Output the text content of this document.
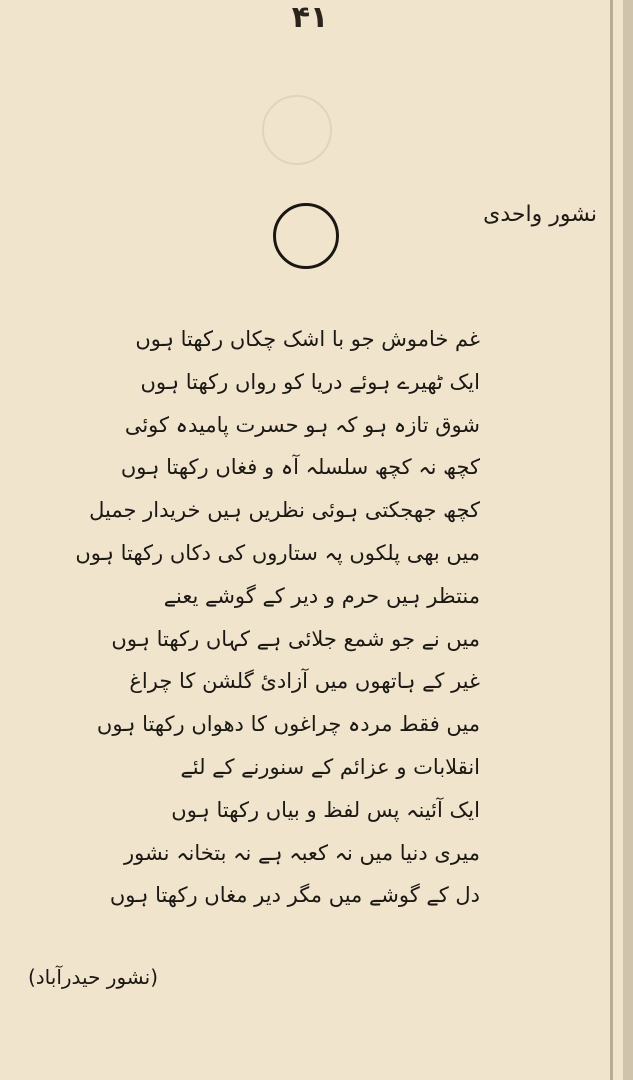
۴۱
نشور واحدی
غم خاموش جو با اشک چکاں رکھتا ہوں
ایک ٹھیرے ہوئے دریا کو رواں رکھتا ہوں
شوق تازہ ہو کہ ہو حسرت پامیدہ کوئی
کچھ نہ کچھ سلسلہ آہ و فغاں رکھتا ہوں
کچھ جھجکتی ہوئی نظریں ہیں خریدار جمیل
میں بھی پلکوں پہ ستاروں کی دکاں رکھتا ہوں
منتظر ہیں حرم و دیر کے گوشے یعنے
میں نے جو شمع جلائی ہے کہاں رکھتا ہوں
غیر کے ہاتھوں میں آزادیٔ گلشن کا چراغ
میں فقط مردہ چراغوں کا دھواں رکھتا ہوں
انقلابات و عزائم کے سنورنے کے لئے
ایک آئینہ پس لفظ و بیاں رکھتا ہوں
میری دنیا میں نہ کعبہ ہے نہ بتخانہ نشور
دل کے گوشے میں مگر دیر مغاں رکھتا ہوں
(نشور حیدرآباد)
